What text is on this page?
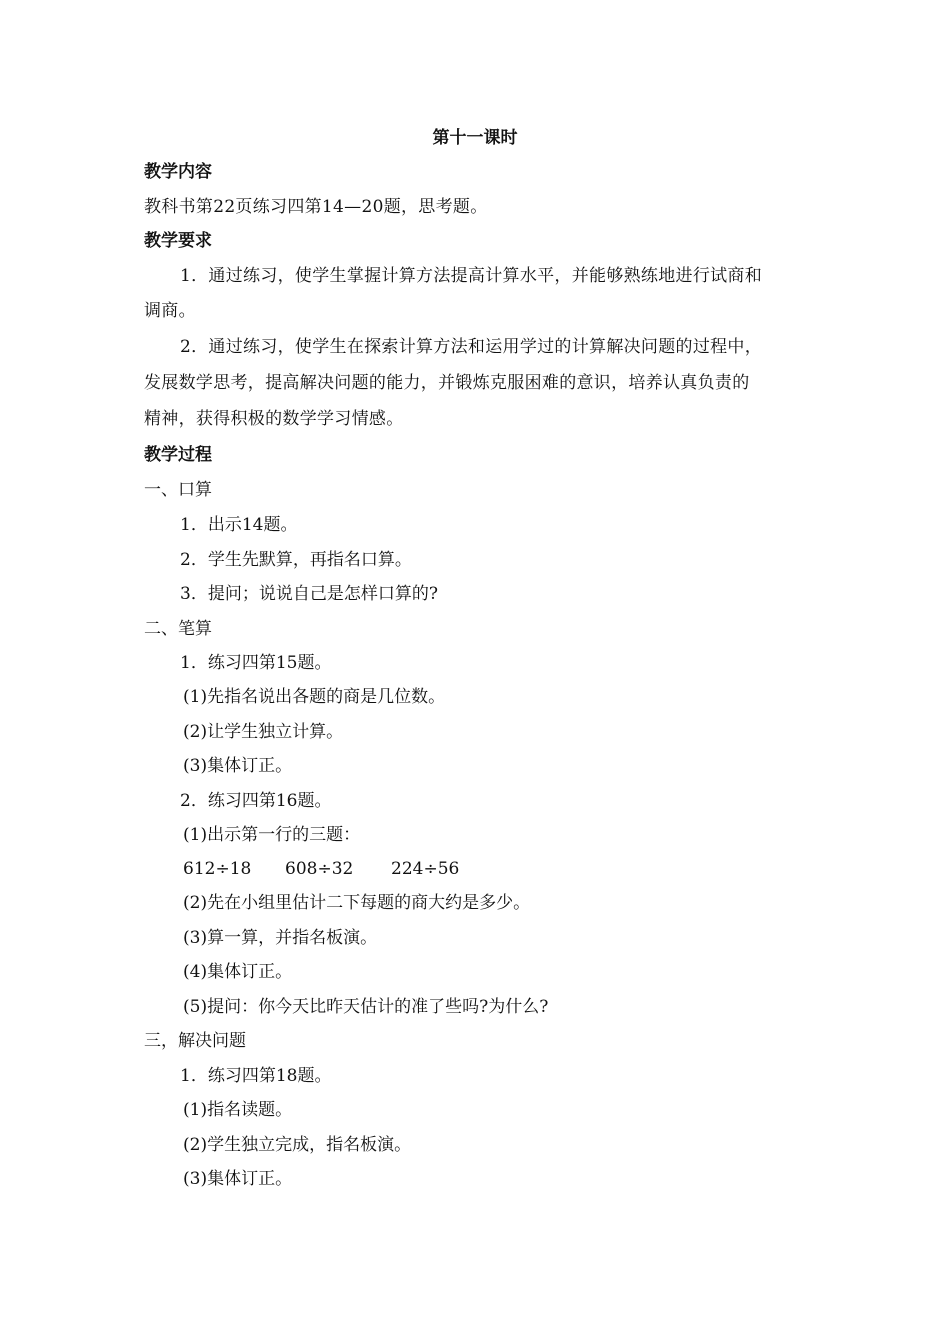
第十一课时
教学内容
教科书第22页练习四第14—20题，思考题。
教学要求
1．通过练习，使学生掌握计算方法提高计算水平，并能够熟练地进行试商和
调商。
2．通过练习，使学生在探索计算方法和运用学过的计算解决问题的过程中，
发展数学思考，提高解决问题的能力，并锻炼克服困难的意识，培养认真负责的
精神，获得积极的数学学习情感。
教学过程
一、口算
1．出示14题。
2．学生先默算，再指名口算。
3．提问；说说自己是怎样口算的?
二、笔算
1．练习四第15题。
(1)先指名说出各题的商是几位数。
(2)让学生独立计算。
(3)集体订正。
2．练习四第16题。
(1)出示第一行的三题：
612÷18 608÷32 224÷56
(2)先在小组里估计二下每题的商大约是多少。
(3)算一算，并指名板演。
(4)集体订正。
(5)提问：你今天比昨天估计的准了些吗?为什么?
三，解决问题
1．练习四第18题。
(1)指名读题。
(2)学生独立完成，指名板演。
(3)集体订正。
